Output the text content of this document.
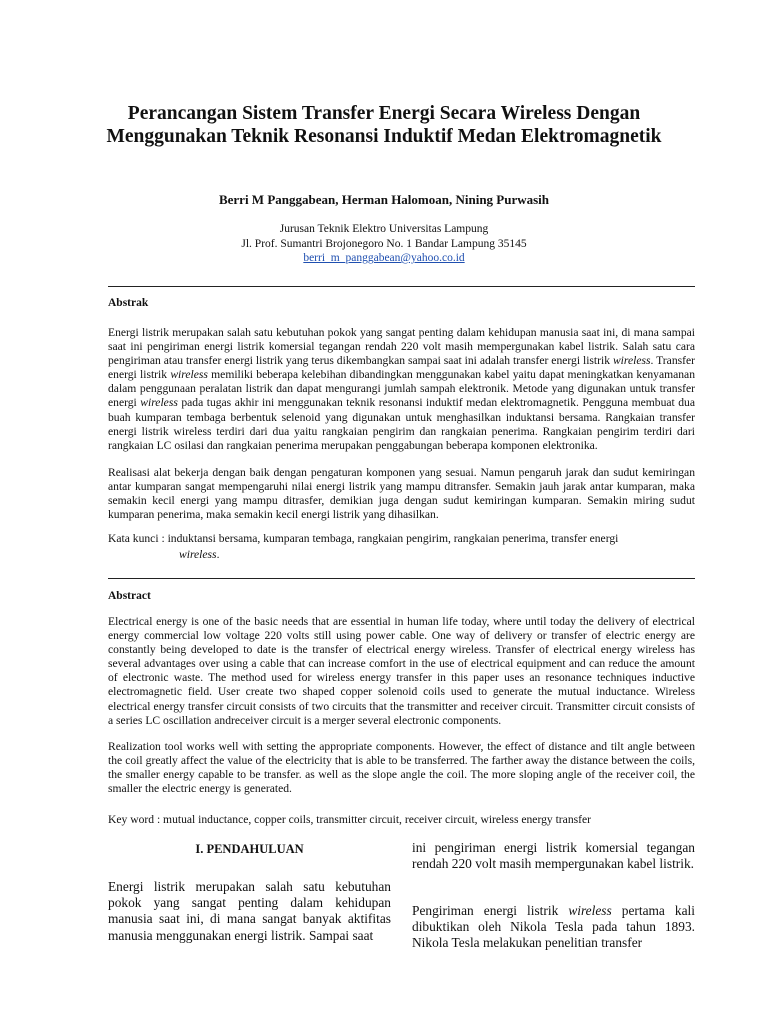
Perancangan Sistem Transfer Energi Secara Wireless Dengan Menggunakan Teknik Resonansi Induktif Medan Elektromagnetik
Berri M Panggabean, Herman Halomoan, Nining Purwasih
Jurusan Teknik Elektro Universitas Lampung
Jl. Prof. Sumantri Brojonegoro No. 1 Bandar Lampung 35145
berri_m_panggabean@yahoo.co.id
Abstrak

Energi listrik merupakan salah satu kebutuhan pokok yang sangat penting dalam kehidupan manusia saat ini, di mana sampai saat ini pengiriman energi listrik komersial tegangan rendah 220 volt masih mempergunakan kabel listrik. Salah satu cara pengiriman atau transfer energi listrik yang terus dikembangkan sampai saat ini adalah transfer energi listrik wireless. Transfer energi listrik wireless memiliki beberapa kelebihan dibandingkan menggunakan kabel yaitu dapat meningkatkan kenyamanan dalam penggunaan peralatan listrik dan dapat mengurangi jumlah sampah elektronik. Metode yang digunakan untuk transfer energi wireless pada tugas akhir ini menggunakan teknik resonansi induktif medan elektromagnetik. Pengguna membuat dua buah kumparan tembaga berbentuk selenoid yang digunakan untuk menghasilkan induktansi bersama. Rangkaian transfer energi listrik wireless terdiri dari dua yaitu rangkaian pengirim dan rangkaian penerima. Rangkaian pengirim terdiri dari rangkaian LC osilasi dan rangkaian penerima merupakan penggabungan beberapa komponen elektronika.

Realisasi alat bekerja dengan baik dengan pengaturan komponen yang sesuai. Namun pengaruh jarak dan sudut kemiringan antar kumparan sangat mempengaruhi nilai energi listrik yang mampu ditransfer. Semakin jauh jarak antar kumparan, maka semakin kecil energi yang mampu ditrasfer, demikian juga dengan sudut kemiringan kumparan. Semakin miring sudut kumparan penerima, maka semakin kecil energi listrik yang dihasilkan.

Kata kunci : induktansi bersama, kumparan tembaga, rangkaian pengirim, rangkaian penerima, transfer energi
wireless.
Abstract

Electrical energy is one of the basic needs that are essential in human life today, where until today the delivery of electrical energy commercial low voltage 220 volts still using power cable. One way of delivery or transfer of electric energy are constantly being developed to date is the transfer of electrical energy wireless. Transfer of electrical energy wireless has several advantages over using a cable that can increase comfort in the use of electrical equipment and can reduce the amount of electronic waste. The method used for wireless energy transfer in this paper uses an resonance techniques inductive electromagnetic field. User create two shaped copper solenoid coils used to generate the mutual inductance. Wireless electrical energy transfer circuit consists of two circuits that the transmitter and receiver circuit. Transmitter circuit consists of a series LC oscillation andreceiver circuit is a merger several electronic components.

Realization tool works well with setting the appropriate components. However, the effect of distance and tilt angle between the coil greatly affect the value of the electricity that is able to be transferred. The farther away the distance between the coils, the smaller energy capable to be transfer. as well as the slope angle the coil. The more sloping angle of the receiver coil, the smaller the electric energy is generated.

Key word : mutual inductance, copper coils, transmitter circuit, receiver circuit, wireless energy transfer
I. PENDAHULUAN

Energi listrik merupakan salah satu kebutuhan pokok yang sangat penting dalam kehidupan manusia saat ini, di mana sangat banyak aktifitas manusia menggunakan energi listrik. Sampai saat

ini pengiriman energi listrik komersial tegangan rendah 220 volt masih mempergunakan kabel listrik.

Pengiriman energi listrik wireless pertama kali dibuktikan oleh Nikola Tesla pada tahun 1893. Nikola Tesla melakukan penelitian transfer
